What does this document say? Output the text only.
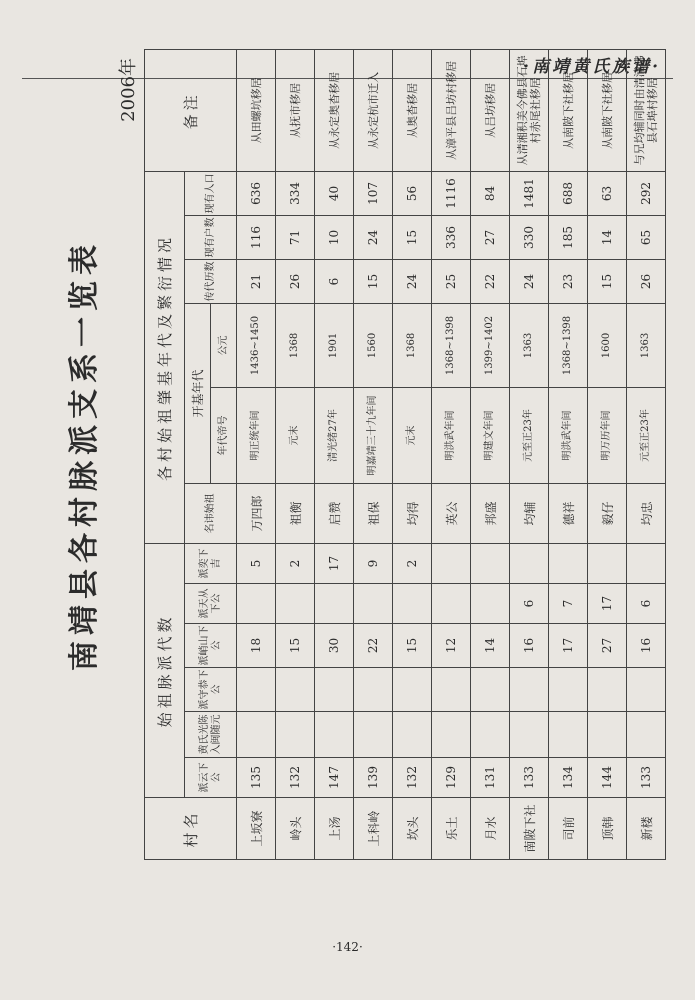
·南靖黄氏族谱·
南靖县各村脉派支系一览表
2006年
村名	始祖脉派代数						各村始祖肇基年代及繁衍情况						备注
	派云下公	黄氏光陈入闽随元	派守恭下公	派峭山下公	派天从下公	派奕下吉	名讳始祖	开基年代		传代历数	现有户数	现有人口	
								年代帝号	公元				
上坂寮	135			18		5	万四郎	明正统年间	1436~1450	21	116	636	从田螺坑移居
岭头	132			15		2	祖衡	元末	1368	26	71	334	从抚市移居
上汤	147			30		17	启赞	清光绪27年	1901	6	10	40	从永定奥杳移居
上科岭	139			22		9	祖保	明嘉靖三十九年间	1560	15	24	107	从永定杭市迁入
坎头	132			15		2	均得	元末	1368	24	15	56	从奥杳移居
乐土	129			12			英公	明洪武年间	1368~1398	25	336	1116	从漳平县吕坊村移居
月水	131			14			邦盛	明建文年间	1399~1402	22	27	84	从吕坊移居
南陂下社	133			16	6		均辅	元至正23年	1363	24	330	1481	从清湘积美今佛县石埠村赤尾社移居
司前	134			17	7		德祥	明洪武年间	1368~1398	23	185	688	从南陂下社移居
顶韩	144			27	17		毅仔	明万历年间	1600	15	14	63	从南陂下社移居
新楼	133			16	6		均忠	元至正23年	1363	26	65	292	与兄均辅同时由清浦佛县石埠村移居
·142·
